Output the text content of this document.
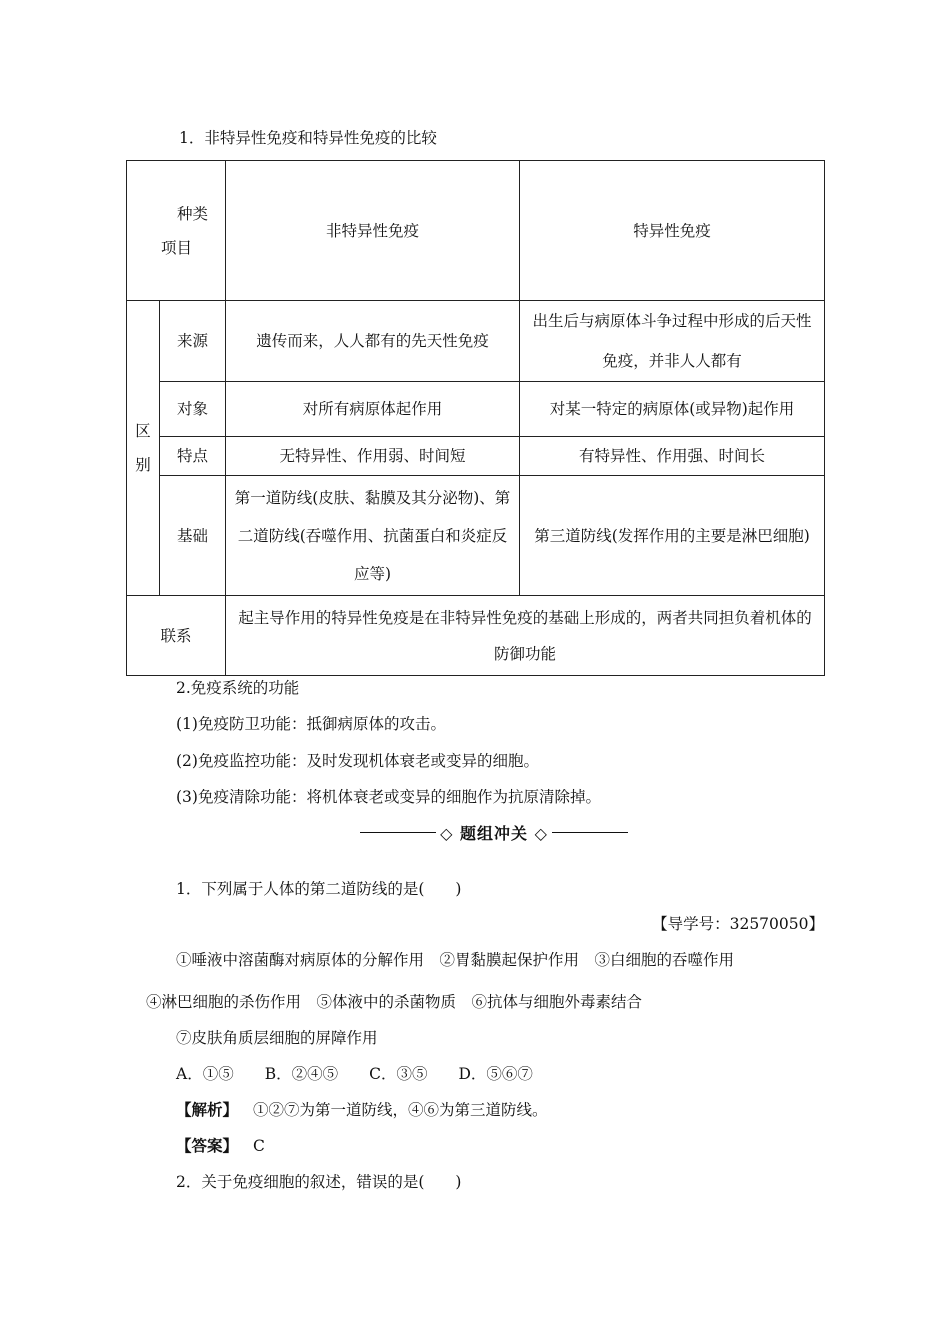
1．非特异性免疫和特异性免疫的比较
种类
项目		非特异性免疫	特异性免疫
区别	来源	遗传而来，人人都有的先天性免疫	出生后与病原体斗争过程中形成的后天性免疫，并非人人都有
	对象	对所有病原体起作用	对某一特定的病原体(或异物)起作用
	特点	无特异性、作用弱、时间短	有特异性、作用强、时间长
	基础	第一道防线(皮肤、黏膜及其分泌物)、第二道防线(吞噬作用、抗菌蛋白和炎症反应等)	第三道防线(发挥作用的主要是淋巴细胞)
联系		起主导作用的特异性免疫是在非特异性免疫的基础上形成的，两者共同担负着机体的防御功能	
2.免疫系统的功能
(1)免疫防卫功能：抵御病原体的攻击。
(2)免疫监控功能：及时发现机体衰老或变异的细胞。
(3)免疫清除功能：将机体衰老或变异的细胞作为抗原清除掉。
◇ 题组冲关 ◇
1．下列属于人体的第二道防线的是(　　)
【导学号：32570050】
①唾液中溶菌酶对病原体的分解作用　②胃黏膜起保护作用　③白细胞的吞噬作用
④淋巴细胞的杀伤作用　⑤体液中的杀菌物质　⑥抗体与细胞外毒素结合
⑦皮肤角质层细胞的屏障作用
A．①⑤　　B．②④⑤　　C．③⑤　　D．⑤⑥⑦
【解析】 ①②⑦为第一道防线，④⑥为第三道防线。
【答案】 C
2．关于免疫细胞的叙述，错误的是(　　)
